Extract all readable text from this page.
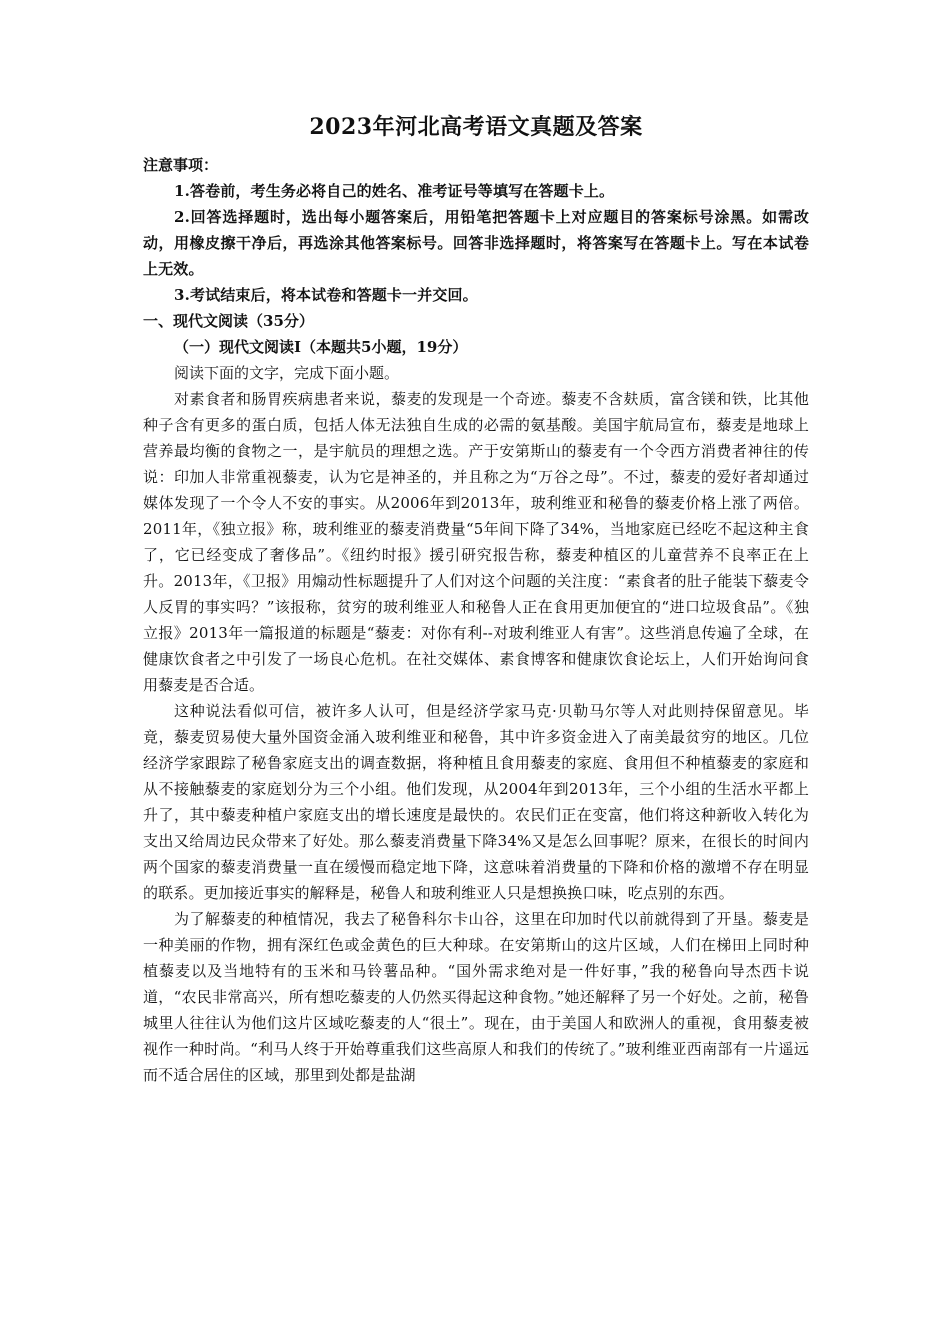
2023年河北高考语文真题及答案

注意事项：

1.答卷前，考生务必将自己的姓名、准考证号等填写在答题卡上。

2.回答选择题时，选出每小题答案后，用铅笔把答题卡上对应题目的答案标号涂黑。如需改动，用橡皮擦干净后，再选涂其他答案标号。回答非选择题时，将答案写在答题卡上。写在本试卷上无效。

3.考试结束后，将本试卷和答题卡一并交回。

一、现代文阅读（35分）

（一）现代文阅读Ⅰ（本题共5小题，19分）

阅读下面的文字，完成下面小题。

对素食者和肠胃疾病患者来说，藜麦的发现是一个奇迹。藜麦不含麸质，富含镁和铁，比其他种子含有更多的蛋白质，包括人体无法独自生成的必需的氨基酸。美国宇航局宣布，藜麦是地球上营养最均衡的食物之一，是宇航员的理想之选。产于安第斯山的藜麦有一个令西方消费者神往的传说：印加人非常重视藜麦，认为它是神圣的，并且称之为“万谷之母”。不过，藜麦的爱好者却通过媒体发现了一个令人不安的事实。从2006年到2013年，玻利维亚和秘鲁的藜麦价格上涨了两倍。2011年，《独立报》称，玻利维亚的藜麦消费量“5年间下降了34%，当地家庭已经吃不起这种主食了，它已经变成了奢侈品”。《纽约时报》援引研究报告称，藜麦种植区的儿童营养不良率正在上升。2013年，《卫报》用煽动性标题提升了人们对这个问题的关注度：“素食者的肚子能装下藜麦令人反胃的事实吗？”该报称，贫穷的玻利维亚人和秘鲁人正在食用更加便宜的“进口垃圾食品”。《独立报》2013年一篇报道的标题是“藜麦：对你有利--对玻利维亚人有害”。这些消息传遍了全球，在健康饮食者之中引发了一场良心危机。在社交媒体、素食博客和健康饮食论坛上，人们开始询问食用藜麦是否合适。

这种说法看似可信，被许多人认可，但是经济学家马克·贝勒马尔等人对此则持保留意见。毕竟，藜麦贸易使大量外国资金涌入玻利维亚和秘鲁，其中许多资金进入了南美最贫穷的地区。几位经济学家跟踪了秘鲁家庭支出的调查数据，将种植且食用藜麦的家庭、食用但不种植藜麦的家庭和从不接触藜麦的家庭划分为三个小组。他们发现，从2004年到2013年，三个小组的生活水平都上升了，其中藜麦种植户家庭支出的增长速度是最快的。农民们正在变富，他们将这种新收入转化为支出又给周边民众带来了好处。那么藜麦消费量下降34%又是怎么回事呢？原来，在很长的时间内两个国家的藜麦消费量一直在缓慢而稳定地下降，这意味着消费量的下降和价格的激增不存在明显的联系。更加接近事实的解释是，秘鲁人和玻利维亚人只是想换换口味，吃点别的东西。

为了解藜麦的种植情况，我去了秘鲁科尔卡山谷，这里在印加时代以前就得到了开垦。藜麦是一种美丽的作物，拥有深红色或金黄色的巨大种球。在安第斯山的这片区域，人们在梯田上同时种植藜麦以及当地特有的玉米和马铃薯品种。“国外需求绝对是一件好事，”我的秘鲁向导杰西卡说道，“农民非常高兴，所有想吃藜麦的人仍然买得起这种食物。”她还解释了另一个好处。之前，秘鲁城里人往往认为他们这片区域吃藜麦的人“很土”。现在，由于美国人和欧洲人的重视，食用藜麦被视作一种时尚。“利马人终于开始尊重我们这些高原人和我们的传统了。”玻利维亚西南部有一片遥远而不适合居住的区域，那里到处都是盐湖
